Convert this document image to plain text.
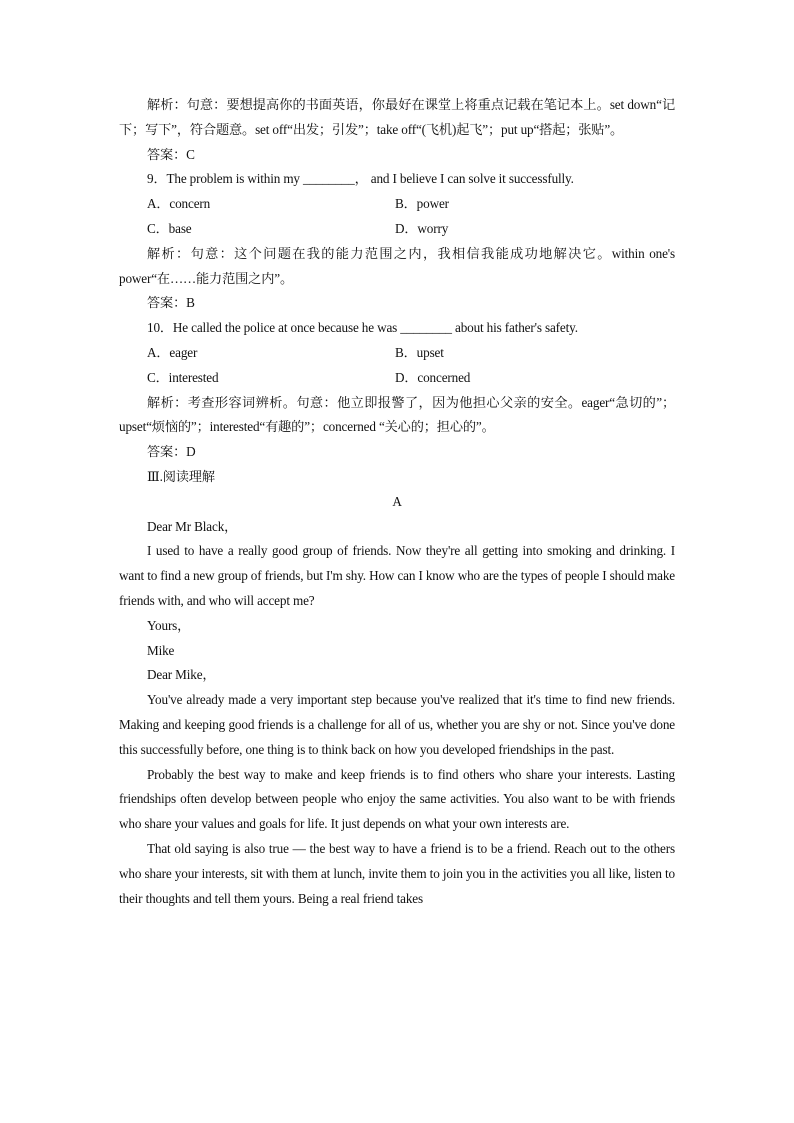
解析：句意：要想提高你的书面英语，你最好在课堂上将重点记载在笔记本上。set down“记下；写下”，符合题意。set off“出发；引发”；take off“(飞机)起飞”；put up“搭起；张贴”。

答案：C

9．The problem is within my ________， and I believe I can solve it successfully.

A．concern	B．power
C．base	D．worry

解析：句意：这个问题在我的能力范围之内，我相信我能成功地解决它。within one's power“在……能力范围之内”。

答案：B

10．He called the police at once because he was ________ about his father's safety.

A．eager	B．upset
C．interested	D．concerned

解析：考查形容词辨析。句意：他立即报警了，因为他担心父亲的安全。eager“急切的”；upset“烦恼的”；interested“有趣的”；concerned “关心的；担心的”。

答案：D

Ⅲ.阅读理解

A

Dear Mr Black，

I used to have a really good group of friends. Now they're all getting into smoking and drinking. I want to find a new group of friends, but I'm shy. How can I know who are the types of people I should make friends with, and who will accept me?

Yours，

Mike

Dear Mike，

You've already made a very important step because you've realized that it's time to find new friends. Making and keeping good friends is a challenge for all of us, whether you are shy or not. Since you've done this successfully before, one thing is to think back on how you developed friendships in the past.

Probably the best way to make and keep friends is to find others who share your interests. Lasting friendships often develop between people who enjoy the same activities. You also want to be with friends who share your values and goals for life. It just depends on what your own interests are.

That old saying is also true — the best way to have a friend is to be a friend. Reach out to the others who share your interests, sit with them at lunch, invite them to join you in the activities you all like, listen to their thoughts and tell them yours. Being a real friend takes
